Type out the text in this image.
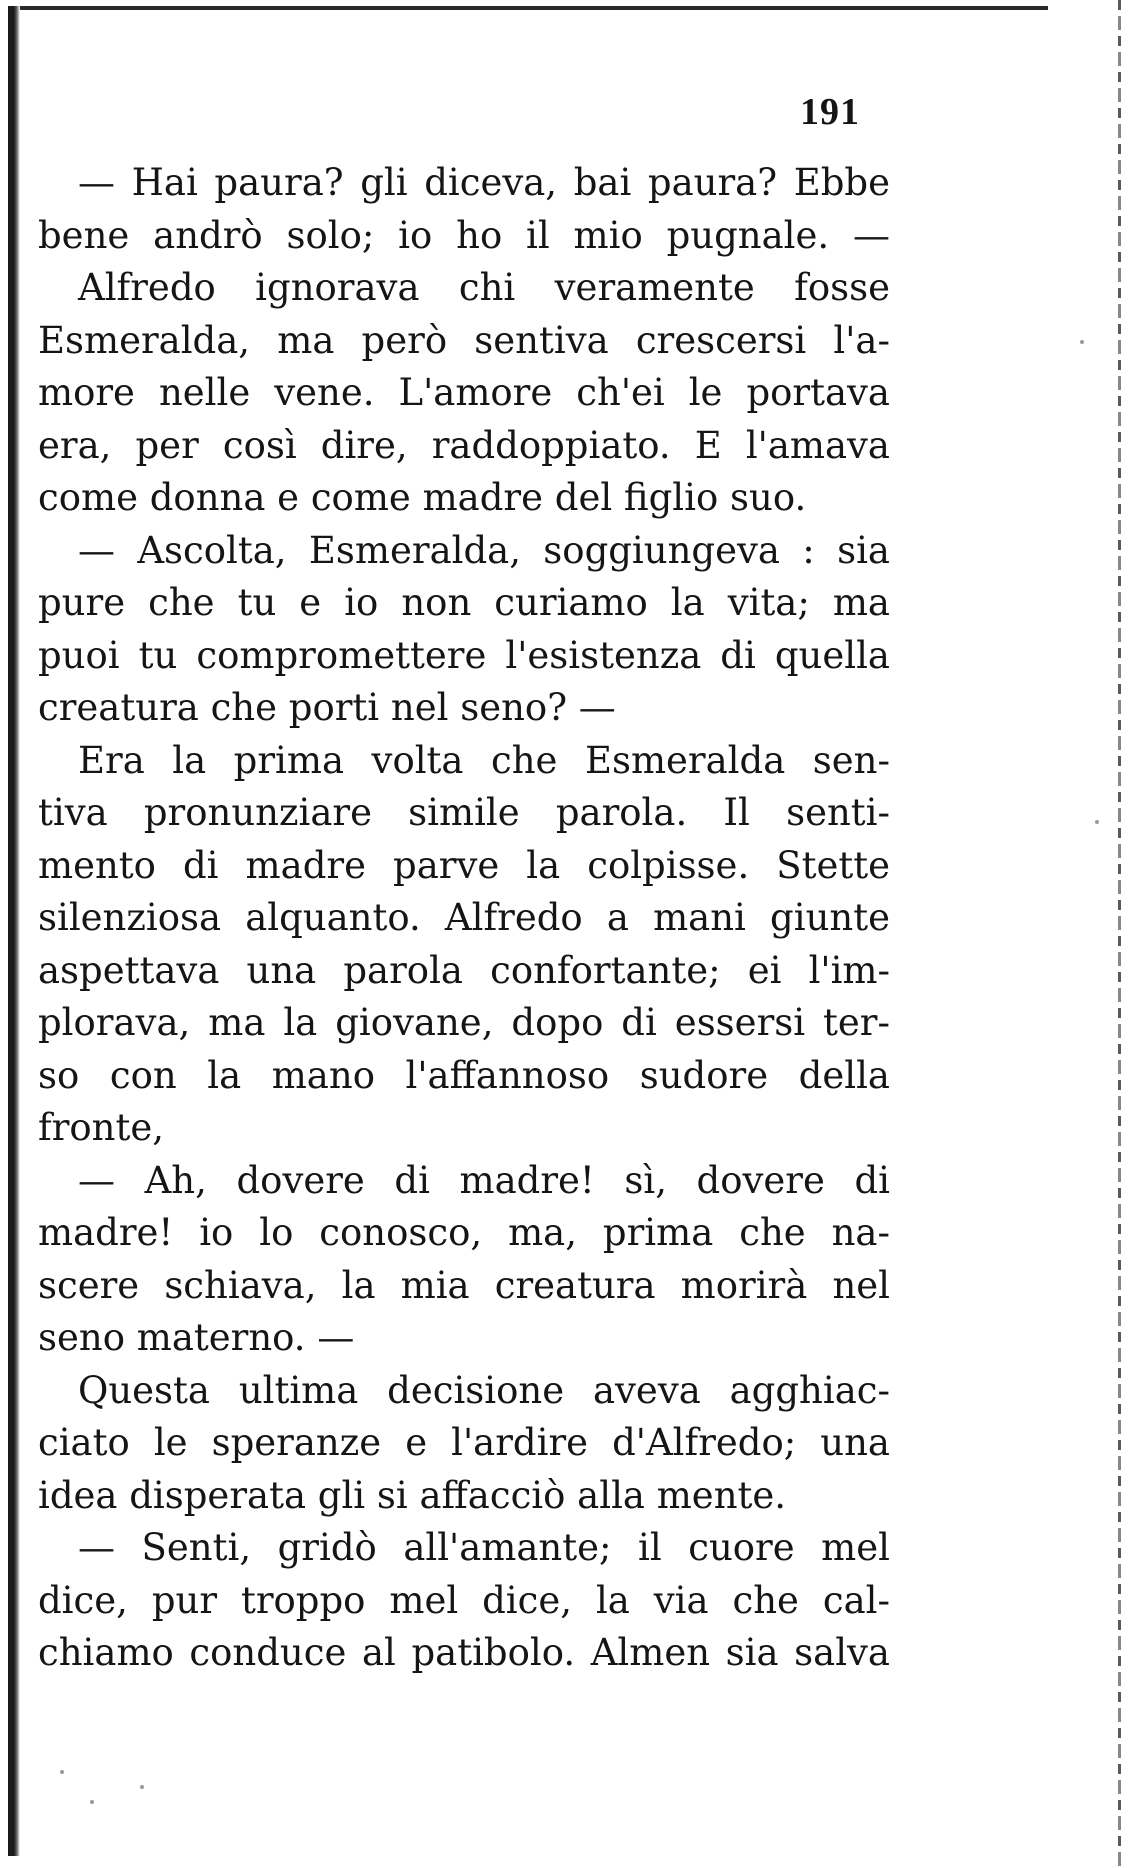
191

— Hai paura? gli diceva, bai paura? Ebbe
bene andrò solo; io ho il mio pugnale. —
Alfredo ignorava chi veramente fosse
Esmeralda, ma però sentiva crescersi l'a-
more nelle vene. L'amore ch'ei le portava
era, per così dire, raddoppiato. E l'amava
come donna e come madre del figlio suo.
— Ascolta, Esmeralda, soggiungeva : sia
pure che tu e io non curiamo la vita; ma
puoi tu compromettere l'esistenza di quella
creatura che porti nel seno? —
Era la prima volta che Esmeralda sen-
tiva pronunziare simile parola. Il senti-
mento di madre parve la colpisse. Stette
silenziosa alquanto. Alfredo a mani giunte
aspettava una parola confortante; ei l'im-
plorava, ma la giovane, dopo di essersi ter-
so con la mano l'affannoso sudore della
fronte,
— Ah, dovere di madre! sì, dovere di
madre! io lo conosco, ma, prima che na-
scere schiava, la mia creatura morirà nel
seno materno. —
Questa ultima decisione aveva agghiac-
ciato le speranze e l'ardire d'Alfredo; una
idea disperata gli si affacciò alla mente.
— Senti, gridò all'amante; il cuore mel
dice, pur troppo mel dice, la via che cal-
chiamo conduce al patibolo. Almen sia salva
